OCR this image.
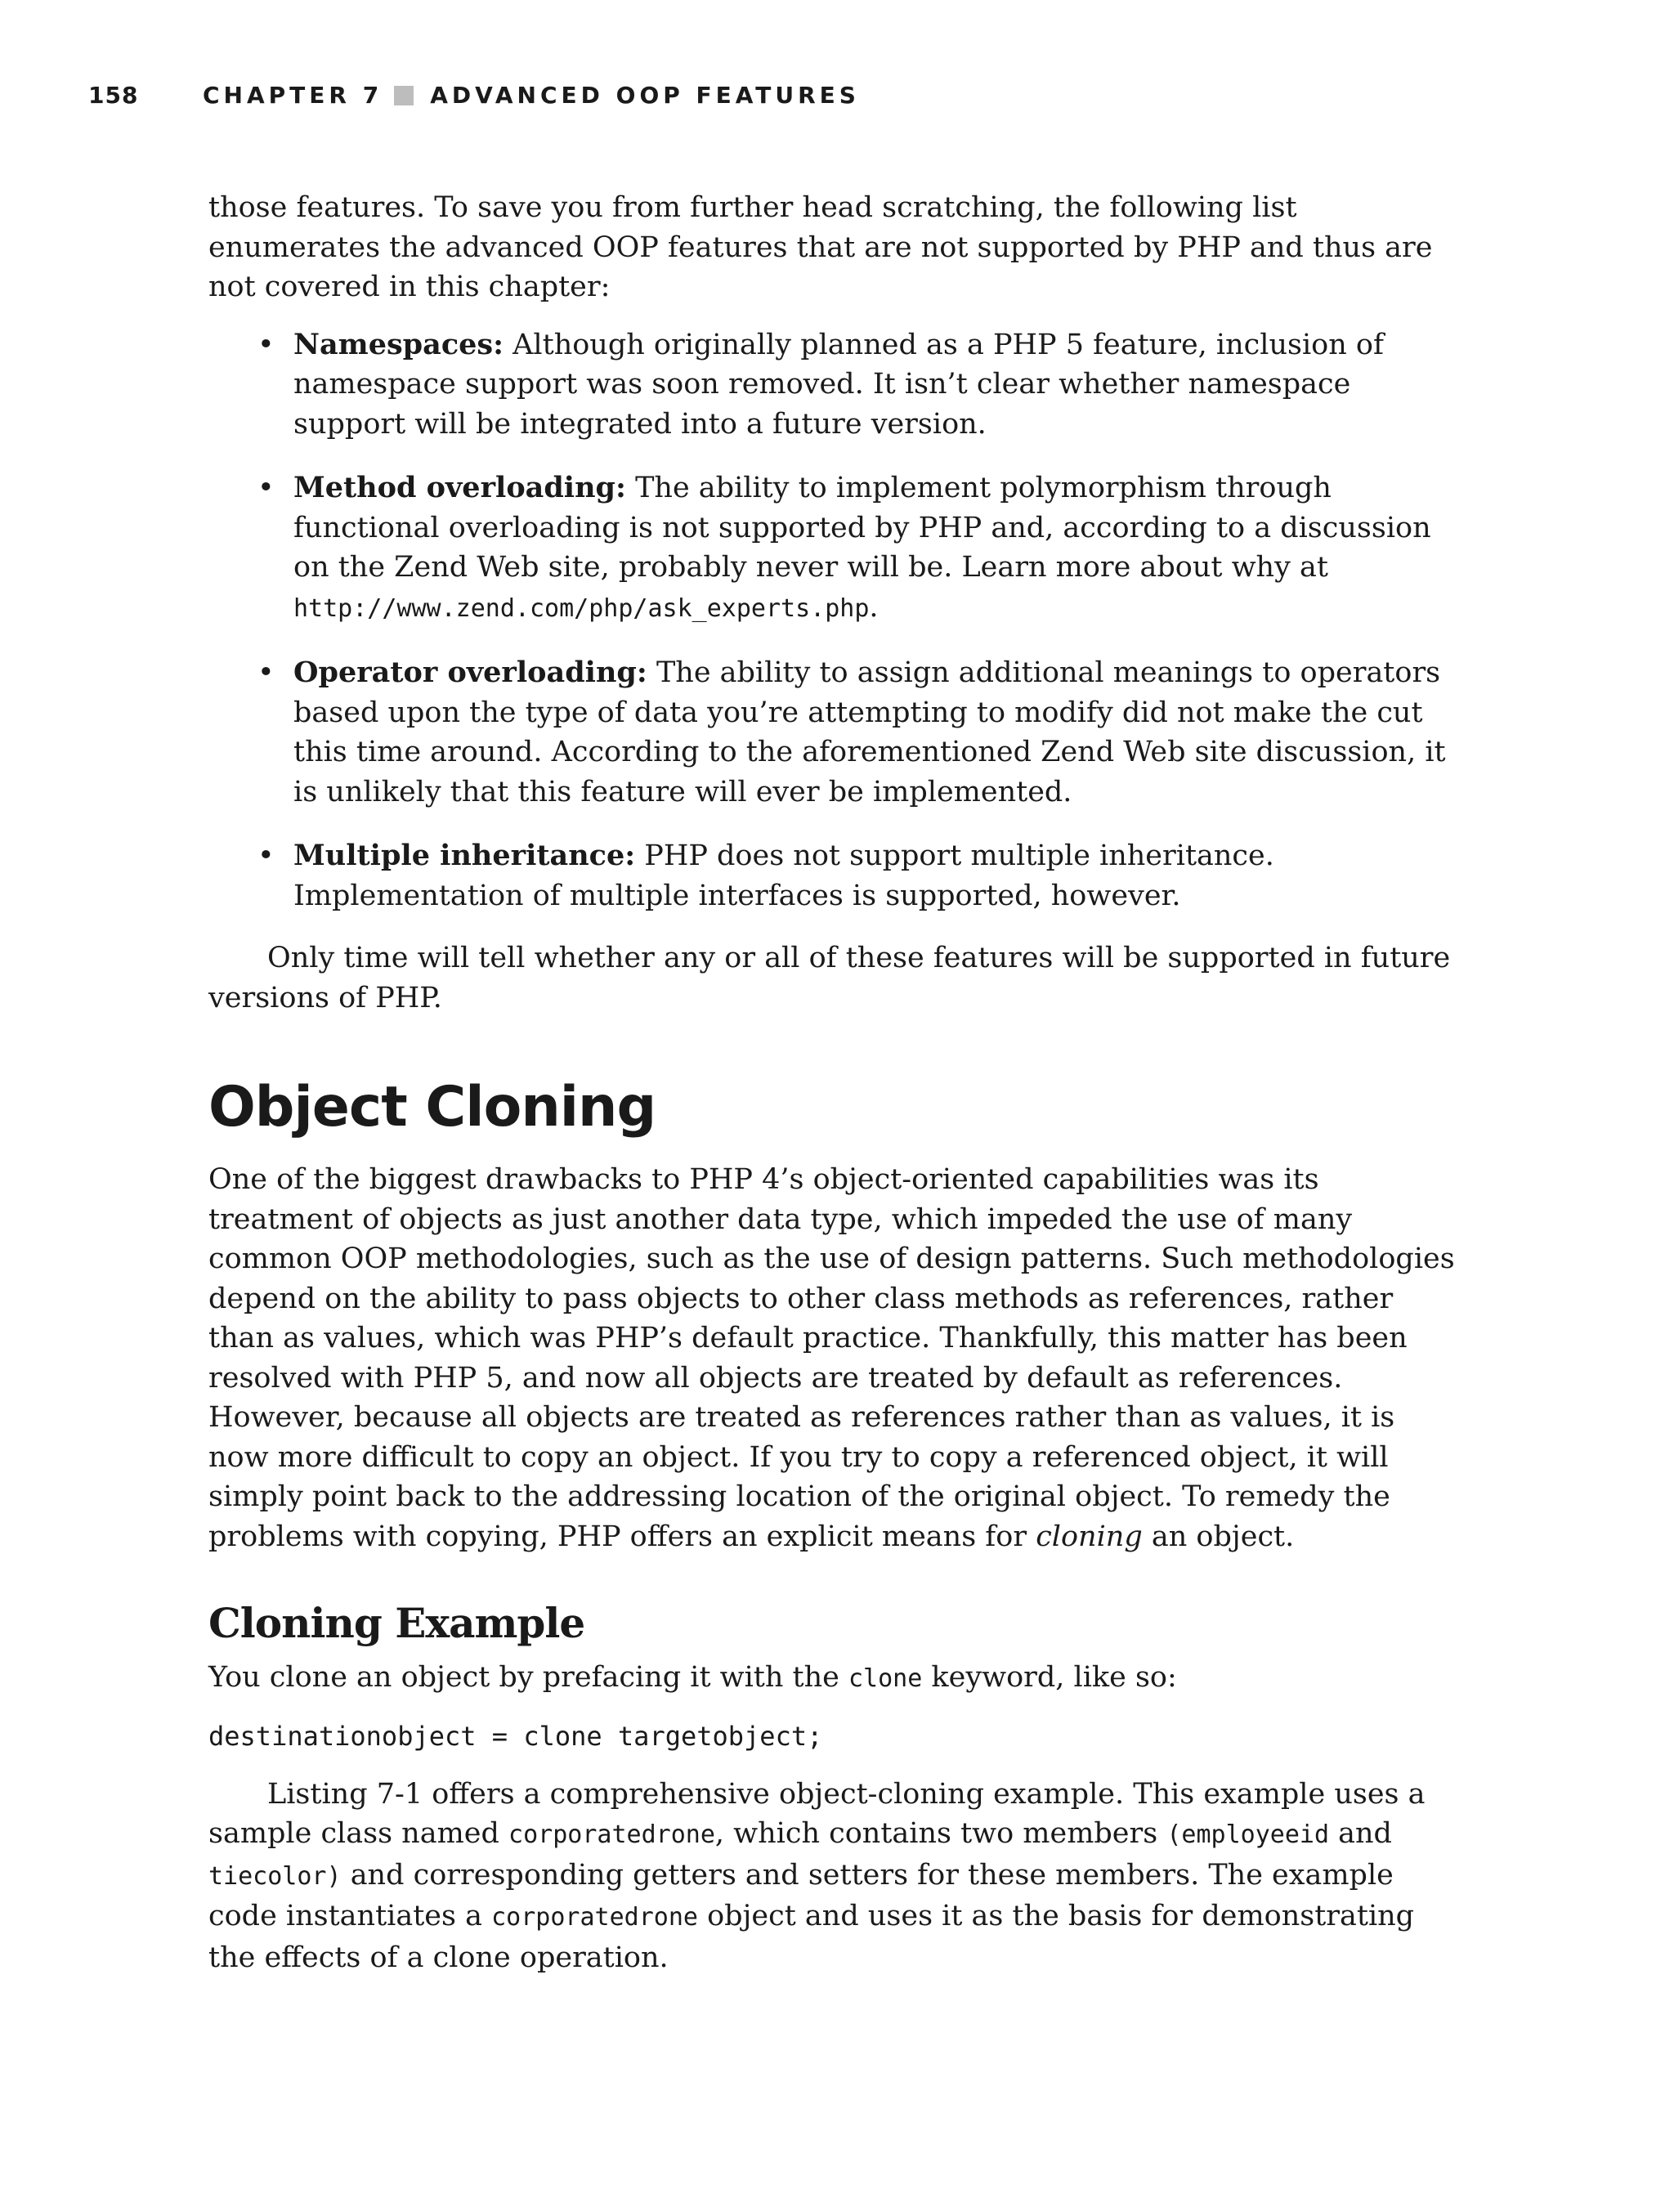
158	CHAPTER 7 ADVANCED OOP FEATURES

those features. To save you from further head scratching, the following list enumerates the advanced OOP features that are not supported by PHP and thus are not covered in this chapter:

• Namespaces: Although originally planned as a PHP 5 feature, inclusion of namespace support was soon removed. It isn’t clear whether namespace support will be integrated into a future version.
• Method overloading: The ability to implement polymorphism through functional overloading is not supported by PHP and, according to a discussion on the Zend Web site, probably never will be. Learn more about why at http://www.zend.com/php/ask_experts.php.
• Operator overloading: The ability to assign additional meanings to operators based upon the type of data you’re attempting to modify did not make the cut this time around. According to the aforementioned Zend Web site discussion, it is unlikely that this feature will ever be implemented.
• Multiple inheritance: PHP does not support multiple inheritance. Implementation of multiple interfaces is supported, however.

Only time will tell whether any or all of these features will be supported in future versions of PHP.

Object Cloning

One of the biggest drawbacks to PHP 4’s object-oriented capabilities was its treatment of objects as just another data type, which impeded the use of many common OOP methodologies, such as the use of design patterns. Such methodologies depend on the ability to pass objects to other class methods as references, rather than as values, which was PHP’s default practice. Thankfully, this matter has been resolved with PHP 5, and now all objects are treated by default as references. However, because all objects are treated as references rather than as values, it is now more difficult to copy an object. If you try to copy a referenced object, it will simply point back to the addressing location of the original object. To remedy the problems with copying, PHP offers an explicit means for cloning an object.

Cloning Example

You clone an object by prefacing it with the clone keyword, like so:

destinationobject = clone targetobject;

Listing 7-1 offers a comprehensive object-cloning example. This example uses a sample class named corporatedrone, which contains two members (employeeid and tiecolor) and corresponding getters and setters for these members. The example code instantiates a corporatedrone object and uses it as the basis for demonstrating the effects of a clone operation.
